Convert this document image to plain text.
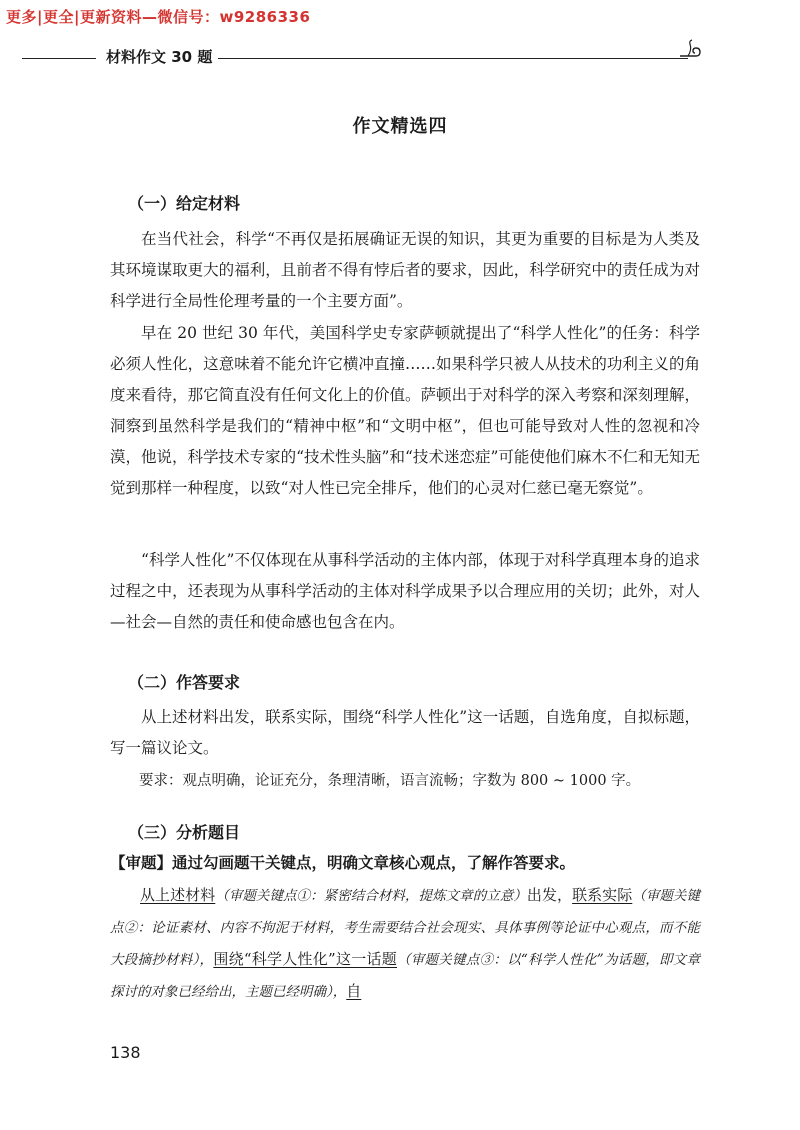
更多|更全|更新资料—微信号：w9286336
材料作文 30 题
作文精选四
（一）给定材料

在当代社会，科学“不再仅是拓展确证无误的知识，其更为重要的目标是为人类及其环境谋取更大的福利，且前者不得有悖后者的要求，因此，科学研究中的责任成为对科学进行全局性伦理考量的一个主要方面”。

早在 20 世纪 30 年代，美国科学史专家萨顿就提出了“科学人性化”的任务：科学必须人性化，这意味着不能允许它横冲直撞……如果科学只被人从技术的功利主义的角度来看待，那它简直没有任何文化上的价值。萨顿出于对科学的深入考察和深刻理解，洞察到虽然科学是我们的“精神中枢”和“文明中枢”，但也可能导致对人性的忽视和冷漠，他说，科学技术专家的“技术性头脑”和“技术迷恋症”可能使他们麻木不仁和无知无觉到那样一种程度，以致“对人性已完全排斥，他们的心灵对仁慈已毫无察觉”。

“科学人性化”不仅体现在从事科学活动的主体内部，体现于对科学真理本身的追求过程之中，还表现为从事科学活动的主体对科学成果予以合理应用的关切；此外，对人—社会—自然的责任和使命感也包含在内。

（二）作答要求

从上述材料出发，联系实际，围绕“科学人性化”这一话题，自选角度，自拟标题，写一篇议论文。

要求：观点明确，论证充分，条理清晰，语言流畅；字数为 800 ~ 1000 字。

（三）分析题目
【审题】通过勾画题干关键点，明确文章核心观点，了解作答要求。

从上述材料（审题关键点①：紧密结合材料，提炼文章的立意）出发，联系实际（审题关键点②：论证素材、内容不拘泥于材料，考生需要结合社会现实、具体事例等论证中心观点，而不能大段摘抄材料），围绕“科学人性化”这一话题（审题关键点③：以“科学人性化”为话题，即文章探讨的对象已经给出，主题已经明确），自

138
